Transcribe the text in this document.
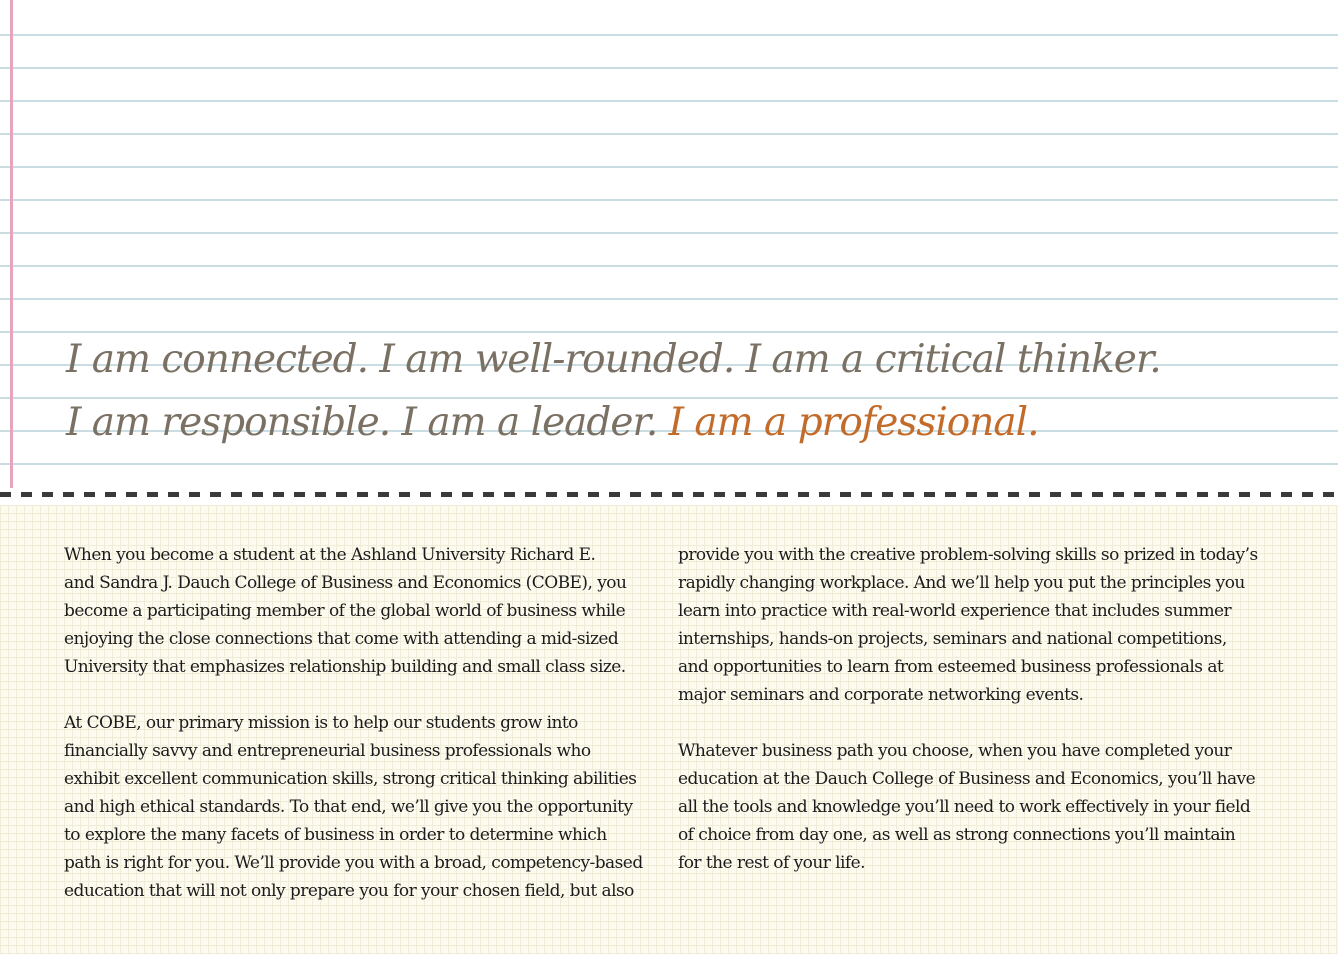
I am connected. I am well-rounded. I am a critical thinker.
I am responsible. I am a leader. I am a professional.

When you become a student at the Ashland University Richard E.
and Sandra J. Dauch College of Business and Economics (COBE), you
become a participating member of the global world of business while
enjoying the close connections that come with attending a mid-sized
University that emphasizes relationship building and small class size.

At COBE, our primary mission is to help our students grow into
financially savvy and entrepreneurial business professionals who
exhibit excellent communication skills, strong critical thinking abilities
and high ethical standards. To that end, we’ll give you the opportunity
to explore the many facets of business in order to determine which
path is right for you. We’ll provide you with a broad, competency-based
education that will not only prepare you for your chosen field, but also

provide you with the creative problem-solving skills so prized in today’s
rapidly changing workplace. And we’ll help you put the principles you
learn into practice with real-world experience that includes summer
internships, hands-on projects, seminars and national competitions,
and opportunities to learn from esteemed business professionals at
major seminars and corporate networking events.

Whatever business path you choose, when you have completed your
education at the Dauch College of Business and Economics, you’ll have
all the tools and knowledge you’ll need to work effectively in your field
of choice from day one, as well as strong connections you’ll maintain
for the rest of your life.
